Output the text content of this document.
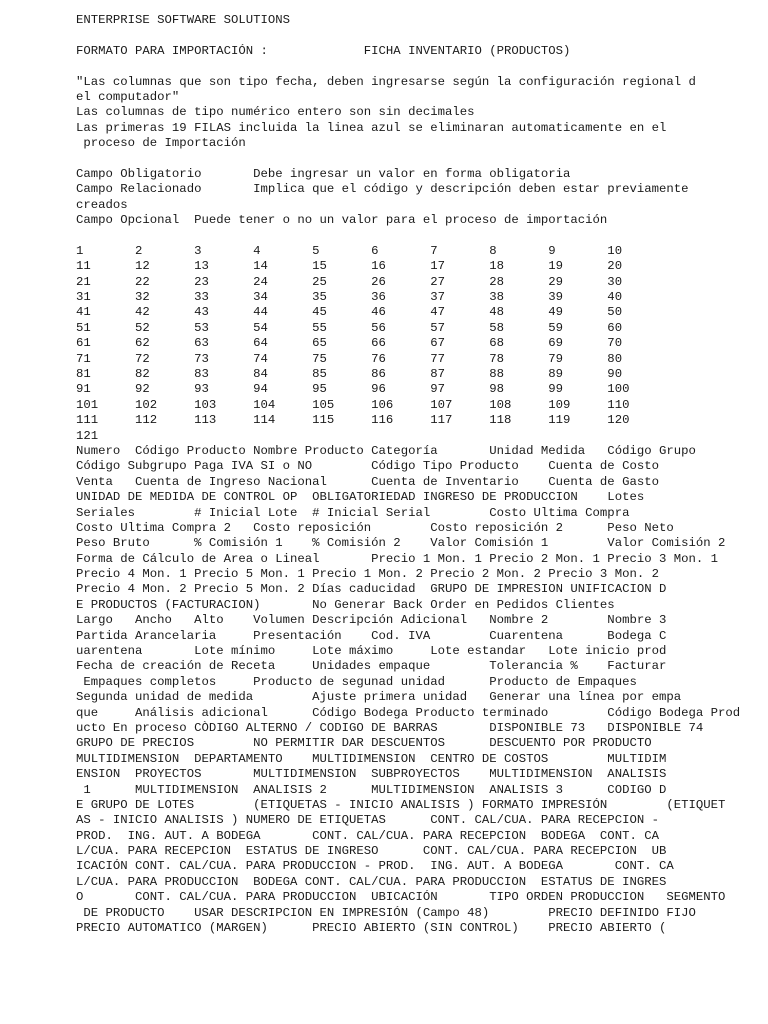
ENTERPRISE SOFTWARE SOLUTIONS
FORMATO PARA IMPORTACIÓN :             FICHA INVENTARIO (PRODUCTOS)
"Las columnas que son tipo fecha, deben ingresarse según la configuración regional d
el computador"
Las columnas de tipo numérico entero son sin decimales
Las primeras 19 FILAS incluida la linea azul se eliminaran automaticamente en el
proceso de Importación
Campo Obligatorio       Debe ingresar un valor en forma obligatoria
Campo Relacionado       Implica que el código y descripción deben estar previamente
creados
Campo Opcional  Puede tener o no un valor para el proceso de importación
1       2       3       4       5       6       7       8       9       10
11      12      13      14      15      16      17      18      19      20
21      22      23      24      25      26      27      28      29      30
31      32      33      34      35      36      37      38      39      40
41      42      43      44      45      46      47      48      49      50
51      52      53      54      55      56      57      58      59      60
61      62      63      64      65      66      67      68      69      70
71      72      73      74      75      76      77      78      79      80
81      82      83      84      85      86      87      88      89      90
91      92      93      94      95      96      97      98      99      100
101     102     103     104     105     106     107     108     109     110
111     112     113     114     115     116     117     118     119     120
121
Numero  Código Producto Nombre Producto Categoría       Unidad Medida   Código Grupo
Código Subgrupo Paga IVA SI o NO        Código Tipo Producto    Cuenta de Costo
Venta   Cuenta de Ingreso Nacional      Cuenta de Inventario    Cuenta de Gasto
UNIDAD DE MEDIDA DE CONTROL OP  OBLIGATORIEDAD INGRESO DE PRODUCCION    Lotes
Seriales        # Inicial Lote  # Inicial Serial        Costo Ultima Compra
Costo Ultima Compra 2   Costo reposición        Costo reposición 2      Peso Neto
Peso Bruto      % Comisión 1    % Comisión 2    Valor Comisión 1        Valor Comisión 2
Forma de Cálculo de Area o Lineal       Precio 1 Mon. 1 Precio 2 Mon. 1 Precio 3 Mon. 1
Precio 4 Mon. 1 Precio 5 Mon. 1 Precio 1 Mon. 2 Precio 2 Mon. 2 Precio 3 Mon. 2
Precio 4 Mon. 2 Precio 5 Mon. 2 Días caducidad  GRUPO DE IMPRESION UNIFICACION D
E PRODUCTOS (FACTURACION)       No Generar Back Order en Pedidos Clientes
Largo   Ancho   Alto    Volumen Descripción Adicional   Nombre 2        Nombre 3
Partida Arancelaria     Presentación    Cod. IVA        Cuarentena      Bodega C
uarentena       Lote mínimo     Lote máximo     Lote estandar   Lote inicio prod
Fecha de creación de Receta     Unidades empaque        Tolerancia %    Facturar
Empaques completos     Producto de segunad unidad      Producto de Empaques
Segunda unidad de medida        Ajuste primera unidad   Generar una línea por empa
que     Análisis adicional      Código Bodega Producto terminado        Código Bodega Prod
ucto En proceso CÒDIGO ALTERNO / CODIGO DE BARRAS       DISPONIBLE 73   DISPONIBLE 74
GRUPO DE PRECIOS        NO PERMITIR DAR DESCUENTOS      DESCUENTO POR PRODUCTO
MULTIDIMENSION  DEPARTAMENTO    MULTIDIMENSION  CENTRO DE COSTOS        MULTIDIM
ENSION  PROYECTOS       MULTIDIMENSION  SUBPROYECTOS    MULTIDIMENSION  ANALISIS
1      MULTIDIMENSION  ANALISIS 2      MULTIDIMENSION  ANALISIS 3      CODIGO D
E GRUPO DE LOTES        (ETIQUETAS - INICIO ANALISIS ) FORMATO IMPRESIÓN        (ETIQUET
AS - INICIO ANALISIS ) NUMERO DE ETIQUETAS      CONT. CAL/CUA. PARA RECEPCION -
PROD.  ING. AUT. A BODEGA       CONT. CAL/CUA. PARA RECEPCION  BODEGA  CONT. CA
L/CUA. PARA RECEPCION  ESTATUS DE INGRESO      CONT. CAL/CUA. PARA RECEPCION  UB
ICACIÓN CONT. CAL/CUA. PARA PRODUCCION - PROD.  ING. AUT. A BODEGA       CONT. CA
L/CUA. PARA PRODUCCION  BODEGA CONT. CAL/CUA. PARA PRODUCCION  ESTATUS DE INGRES
O       CONT. CAL/CUA. PARA PRODUCCION  UBICACIÓN       TIPO ORDEN PRODUCCION   SEGMENTO
DE PRODUCTO    USAR DESCRIPCION EN IMPRESIÓN (Campo 48)        PRECIO DEFINIDO FIJO
PRECIO AUTOMATICO (MARGEN)      PRECIO ABIERTO (SIN CONTROL)    PRECIO ABIERTO (
